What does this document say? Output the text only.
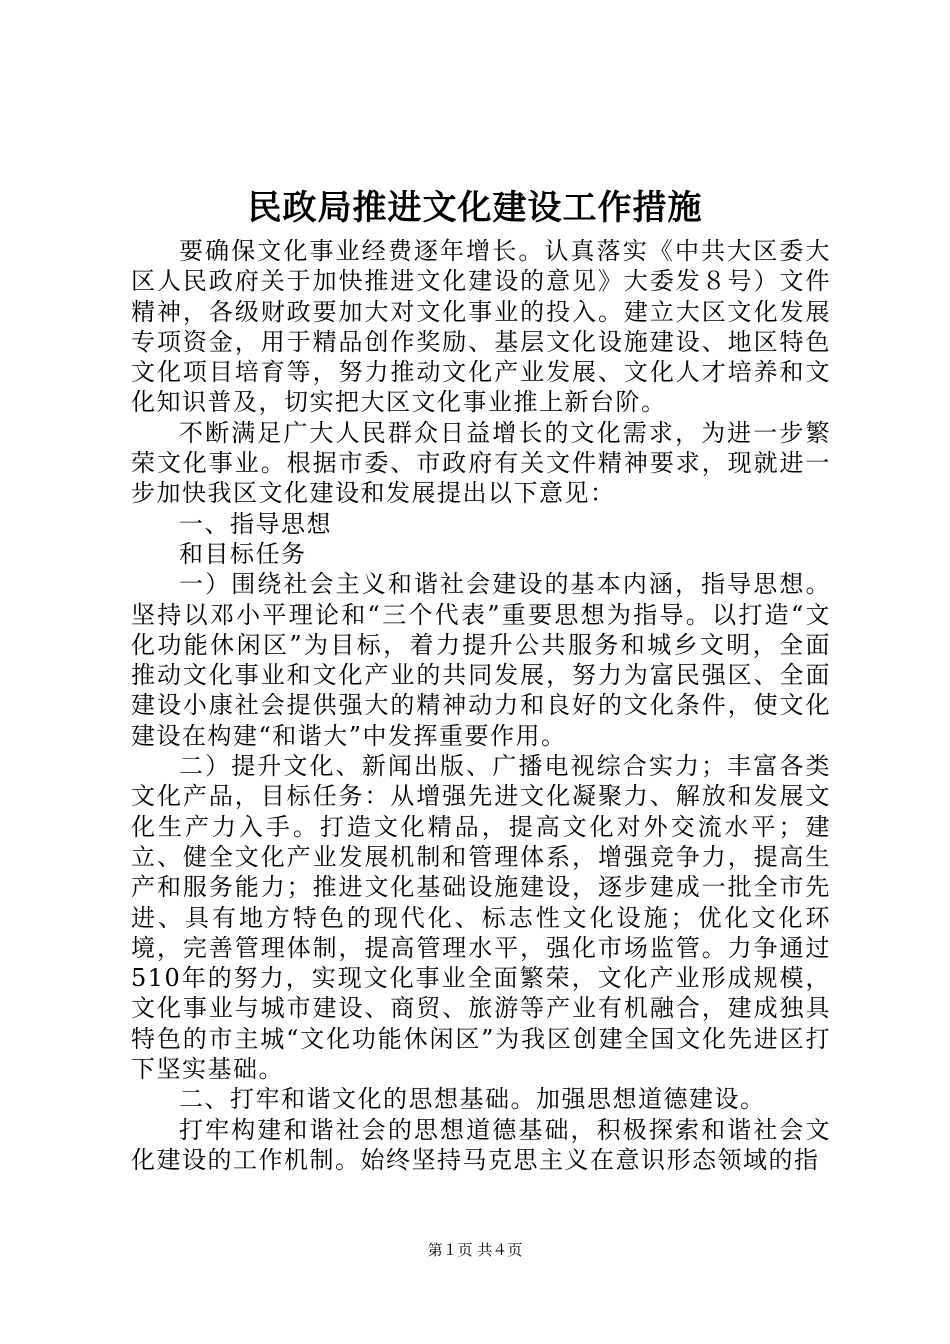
民政局推进文化建设工作措施

要确保文化事业经费逐年增长。认真落实《中共大区委大区人民政府关于加快推进文化建设的意见》大委发８号）文件精神，各级财政要加大对文化事业的投入。建立大区文化发展专项资金，用于精品创作奖励、基层文化设施建设、地区特色文化项目培育等，努力推动文化产业发展、文化人才培养和文化知识普及，切实把大区文化事业推上新台阶。

不断满足广大人民群众日益增长的文化需求，为进一步繁荣文化事业。根据市委、市政府有关文件精神要求，现就进一步加快我区文化建设和发展提出以下意见：

一、指导思想

和目标任务

一）围绕社会主义和谐社会建设的基本内涵，指导思想。坚持以邓小平理论和“三个代表”重要思想为指导。以打造“文化功能休闲区”为目标，着力提升公共服务和城乡文明，全面推动文化事业和文化产业的共同发展，努力为富民强区、全面建设小康社会提供强大的精神动力和良好的文化条件，使文化建设在构建“和谐大”中发挥重要作用。

二）提升文化、新闻出版、广播电视综合实力；丰富各类文化产品，目标任务：从增强先进文化凝聚力、解放和发展文化生产力入手。打造文化精品，提高文化对外交流水平；建立、健全文化产业发展机制和管理体系，增强竞争力，提高生产和服务能力；推进文化基础设施建设，逐步建成一批全市先进、具有地方特色的现代化、标志性文化设施；优化文化环境，完善管理体制，提高管理水平，强化市场监管。力争通过510年的努力，实现文化事业全面繁荣，文化产业形成规模，文化事业与城市建设、商贸、旅游等产业有机融合，建成独具特色的市主城“文化功能休闲区”为我区创建全国文化先进区打下坚实基础。

二、打牢和谐文化的思想基础。加强思想道德建设。

打牢构建和谐社会的思想道德基础，积极探索和谐社会文化建设的工作机制。始终坚持马克思主义在意识形态领域的指

第１页 共４页
